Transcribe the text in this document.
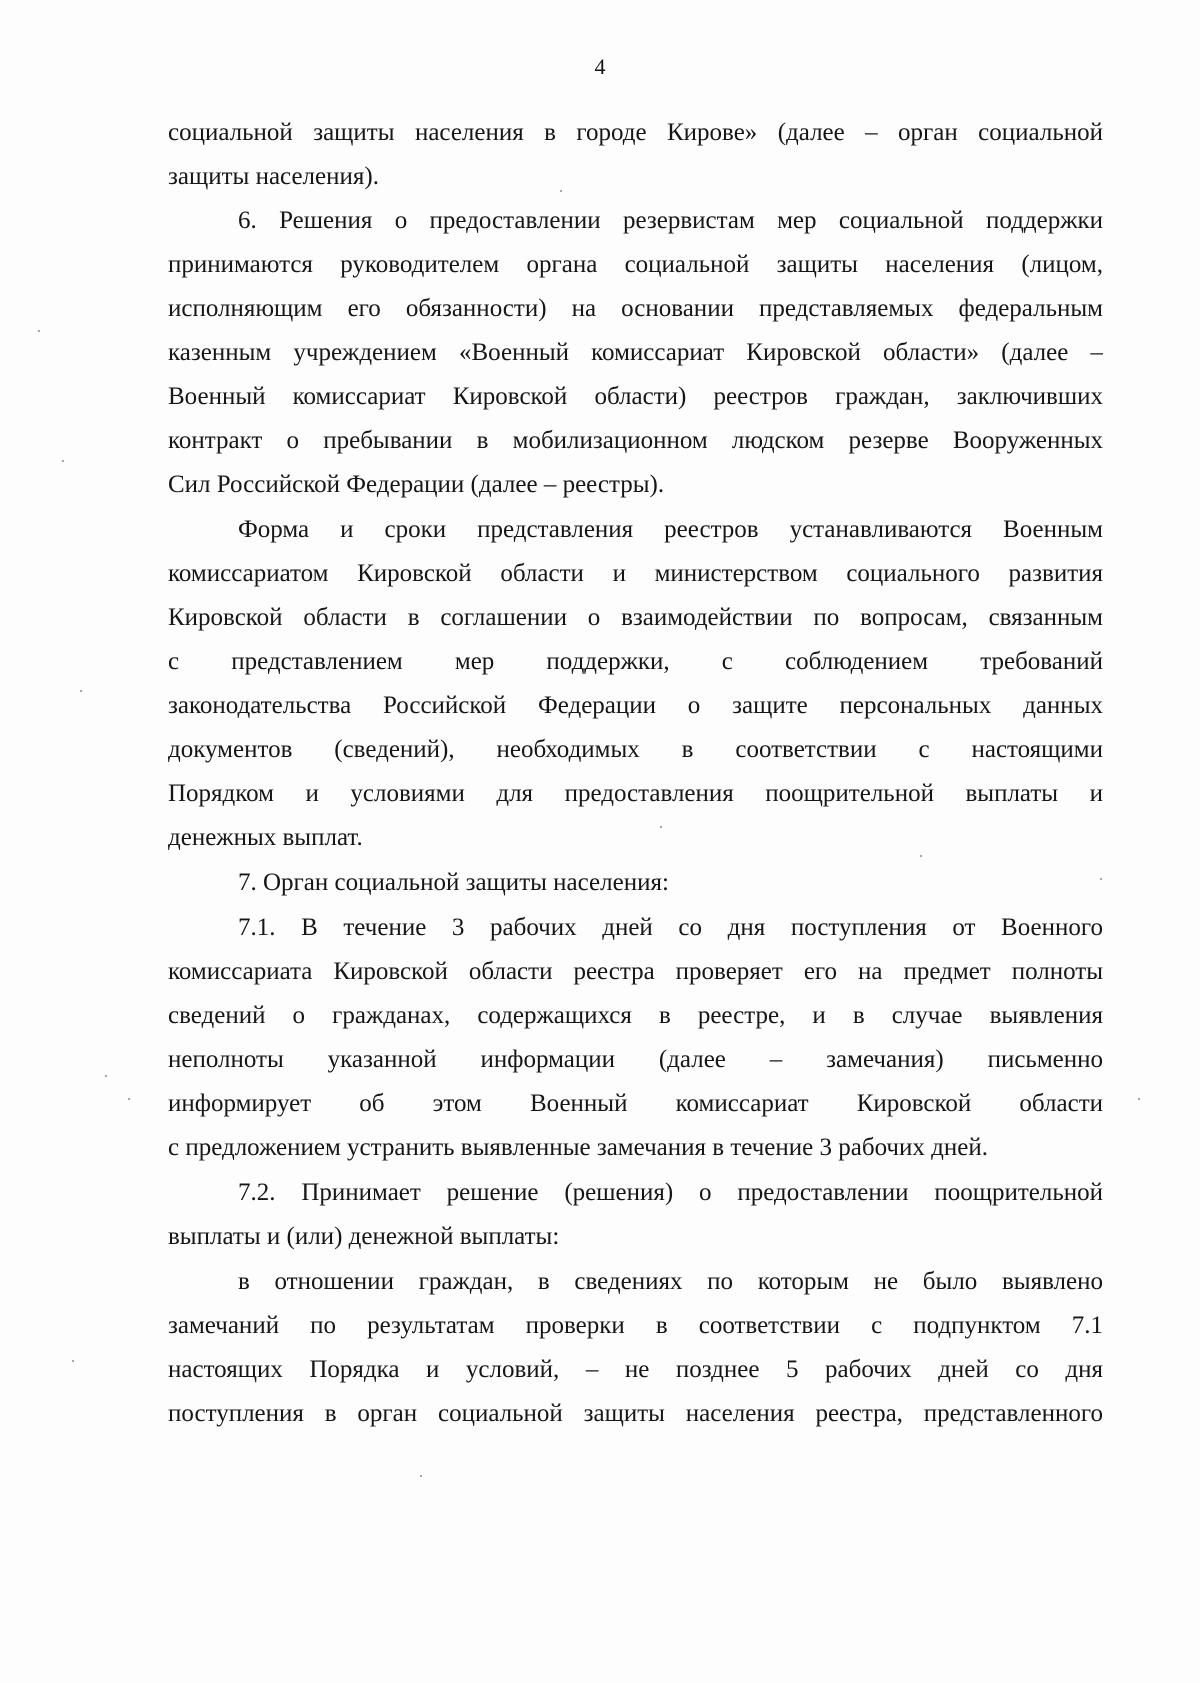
4
социальной защиты населения в городе Кирове» (далее – орган социальной
защиты населения).
6. Решения о предоставлении резервистам мер социальной поддержки
принимаются руководителем органа социальной защиты населения (лицом,
исполняющим его обязанности) на основании представляемых федеральным
казенным учреждением «Военный комиссариат Кировской области» (далее –
Военный комиссариат Кировской области) реестров граждан, заключивших
контракт о пребывании в мобилизационном людском резерве Вооруженных
Сил Российской Федерации (далее – реестры).
Форма и сроки представления реестров устанавливаются Военным
комиссариатом Кировской области и министерством социального развития
Кировской области в соглашении о взаимодействии по вопросам, связанным
с представлением мер поддержки, с соблюдением требований
законодательства Российской Федерации о защите персональных данных
документов (сведений), необходимых в соответствии с настоящими
Порядком и условиями для предоставления поощрительной выплаты и
денежных выплат.
7. Орган социальной защиты населения:
7.1. В течение 3 рабочих дней со дня поступления от Военного
комиссариата Кировской области реестра проверяет его на предмет полноты
сведений о гражданах, содержащихся в реестре, и в случае выявления
неполноты указанной информации (далее – замечания) письменно
информирует об этом Военный комиссариат Кировской области
с предложением устранить выявленные замечания в течение 3 рабочих дней.
7.2. Принимает решение (решения) о предоставлении поощрительной
выплаты и (или) денежной выплаты:
в отношении граждан, в сведениях по которым не было выявлено
замечаний по результатам проверки в соответствии с подпунктом 7.1
настоящих Порядка и условий, – не позднее 5 рабочих дней со дня
поступления в орган социальной защиты населения реестра, представленного
